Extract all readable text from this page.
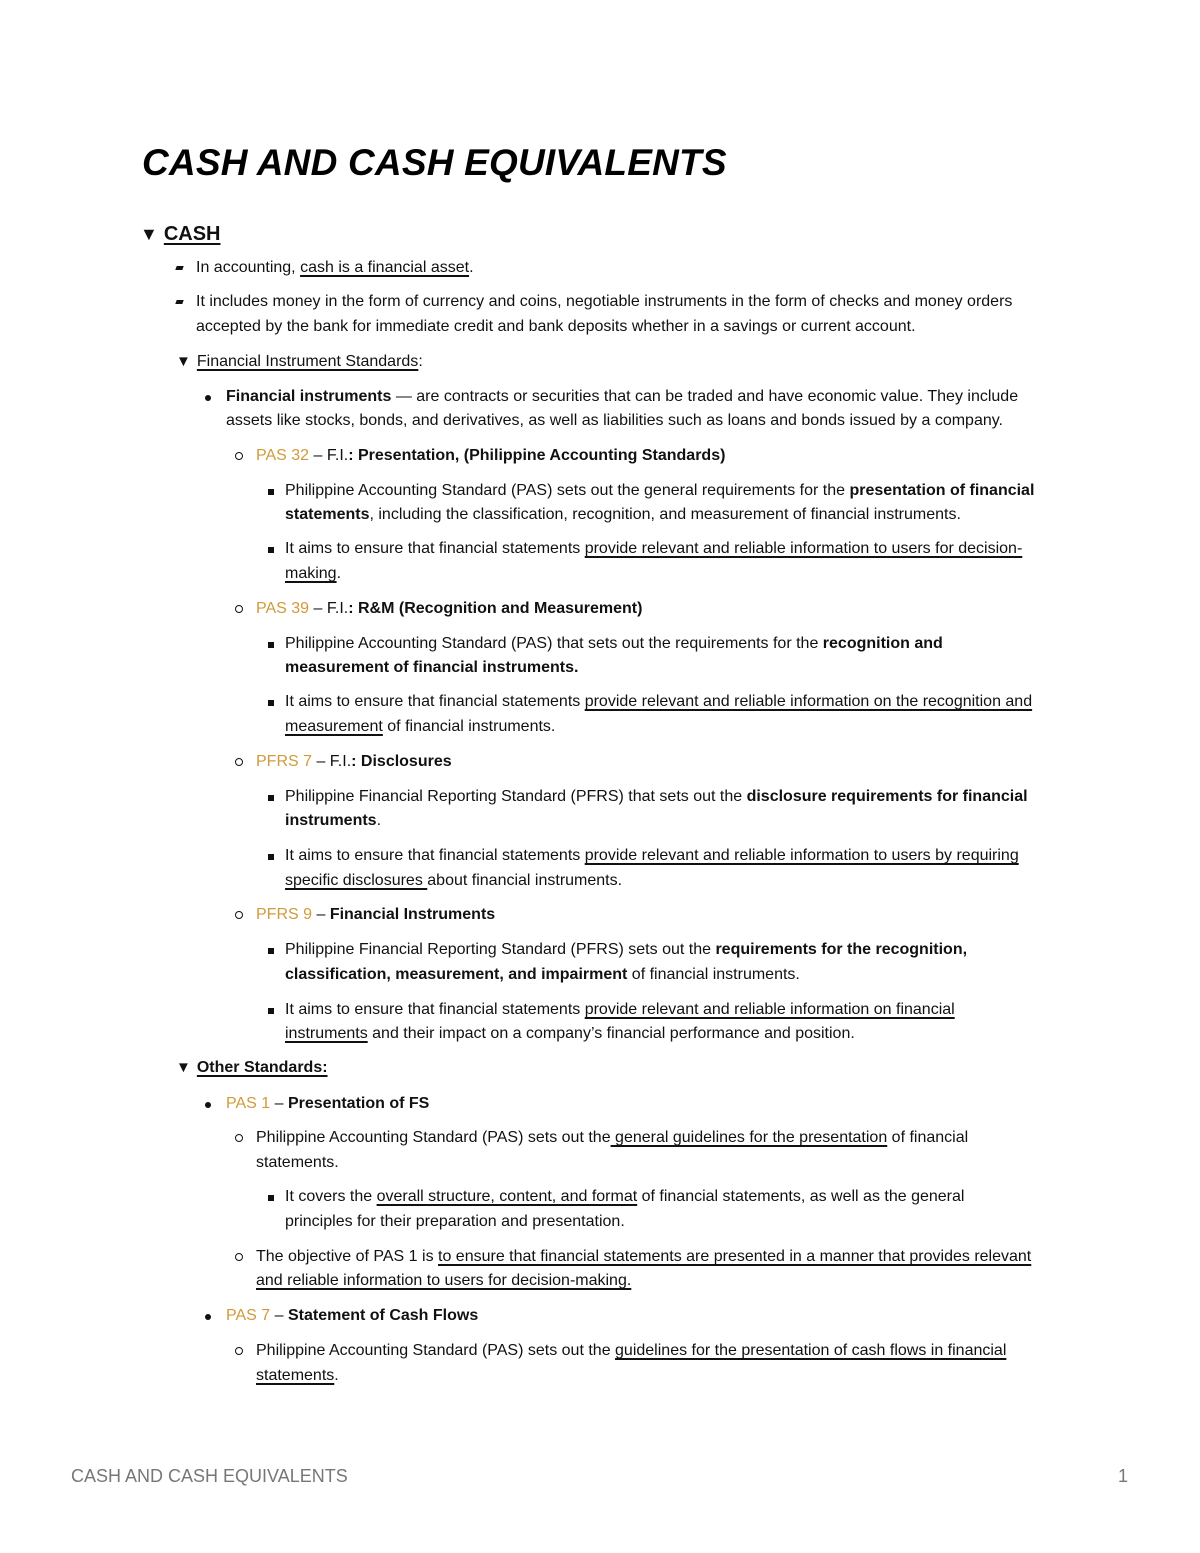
CASH AND CASH EQUIVALENTS
▼ CASH
In accounting, cash is a financial asset.
It includes money in the form of currency and coins, negotiable instruments in the form of checks and money orders
accepted by the bank for immediate credit and bank deposits whether in a savings or current account.
▼ Financial Instrument Standards:
Financial instruments — are contracts or securities that can be traded and have economic value. They include
assets like stocks, bonds, and derivatives, as well as liabilities such as loans and bonds issued by a company.
PAS 32 – F.I.: Presentation, (Philippine Accounting Standards)
Philippine Accounting Standard (PAS) sets out the general requirements for the presentation of financial
statements, including the classification, recognition, and measurement of financial instruments.
It aims to ensure that financial statements provide relevant and reliable information to users for decision-
making.
PAS 39 – F.I.: R&M (Recognition and Measurement)
Philippine Accounting Standard (PAS) that sets out the requirements for the recognition and
measurement of financial instruments.
It aims to ensure that financial statements provide relevant and reliable information on the recognition and
measurement of financial instruments.
PFRS 7 – F.I.: Disclosures
Philippine Financial Reporting Standard (PFRS) that sets out the disclosure requirements for financial
instruments.
It aims to ensure that financial statements provide relevant and reliable information to users by requiring
specific disclosures about financial instruments.
PFRS 9 – Financial Instruments
Philippine Financial Reporting Standard (PFRS) sets out the requirements for the recognition,
classification, measurement, and impairment of financial instruments.
It aims to ensure that financial statements provide relevant and reliable information on financial
instruments and their impact on a company’s financial performance and position.
▼ Other Standards:
PAS 1 – Presentation of FS
Philippine Accounting Standard (PAS) sets out the general guidelines for the presentation of financial
statements.
It covers the overall structure, content, and format of financial statements, as well as the general
principles for their preparation and presentation.
The objective of PAS 1 is to ensure that financial statements are presented in a manner that provides relevant
and reliable information to users for decision-making.
PAS 7 – Statement of Cash Flows
Philippine Accounting Standard (PAS) sets out the guidelines for the presentation of cash flows in financial
statements.
CASH AND CASH EQUIVALENTS	1
